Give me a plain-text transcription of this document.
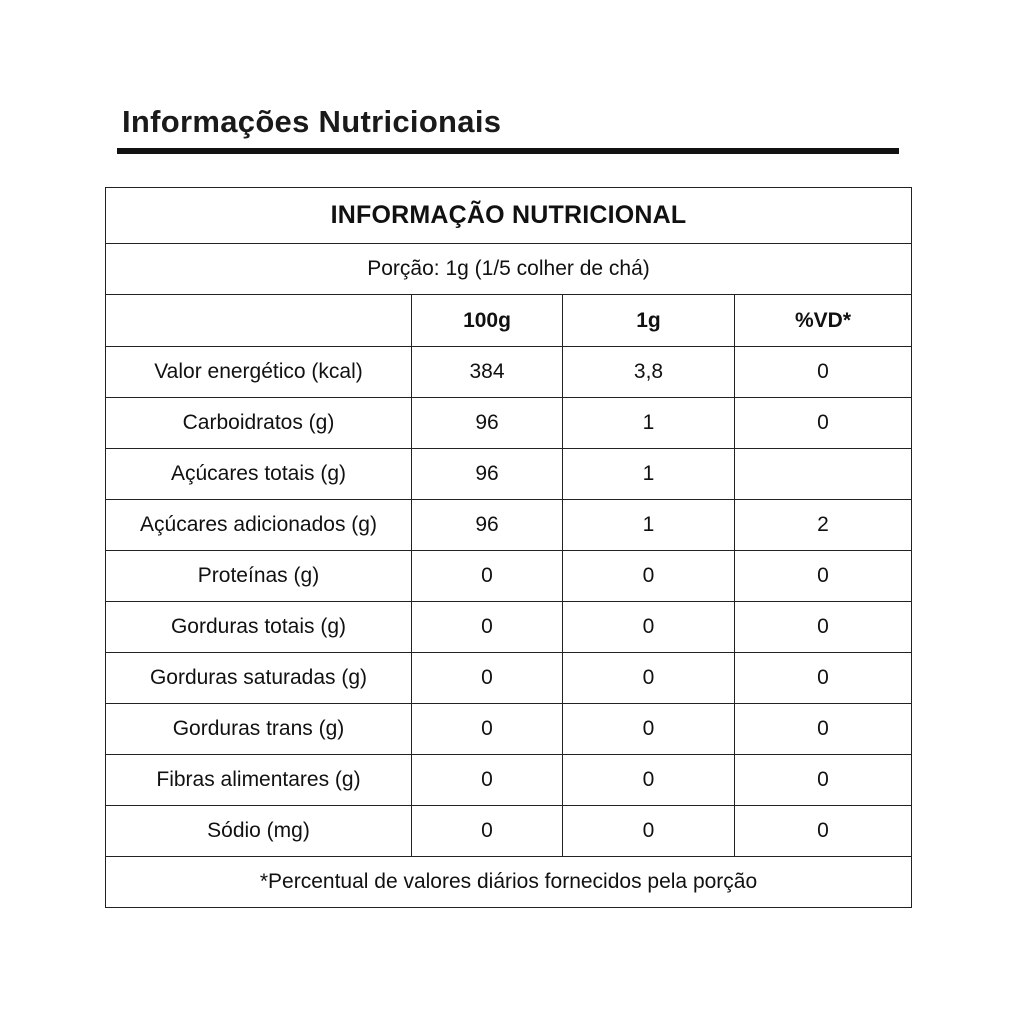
Informações Nutricionais
INFORMAÇÃO NUTRICIONAL			
Porção: 1g (1/5 colher de chá)			
	100g	1g	%VD*
Valor energético (kcal)	384	3,8	0
Carboidratos (g)	96	1	0
Açúcares totais (g)	96	1	
Açúcares adicionados (g)	96	1	2
Proteínas (g)	0	0	0
Gorduras totais (g)	0	0	0
Gorduras saturadas (g)	0	0	0
Gorduras trans (g)	0	0	0
Fibras alimentares (g)	0	0	0
Sódio (mg)	0	0	0
*Percentual de valores diários fornecidos pela porção			
